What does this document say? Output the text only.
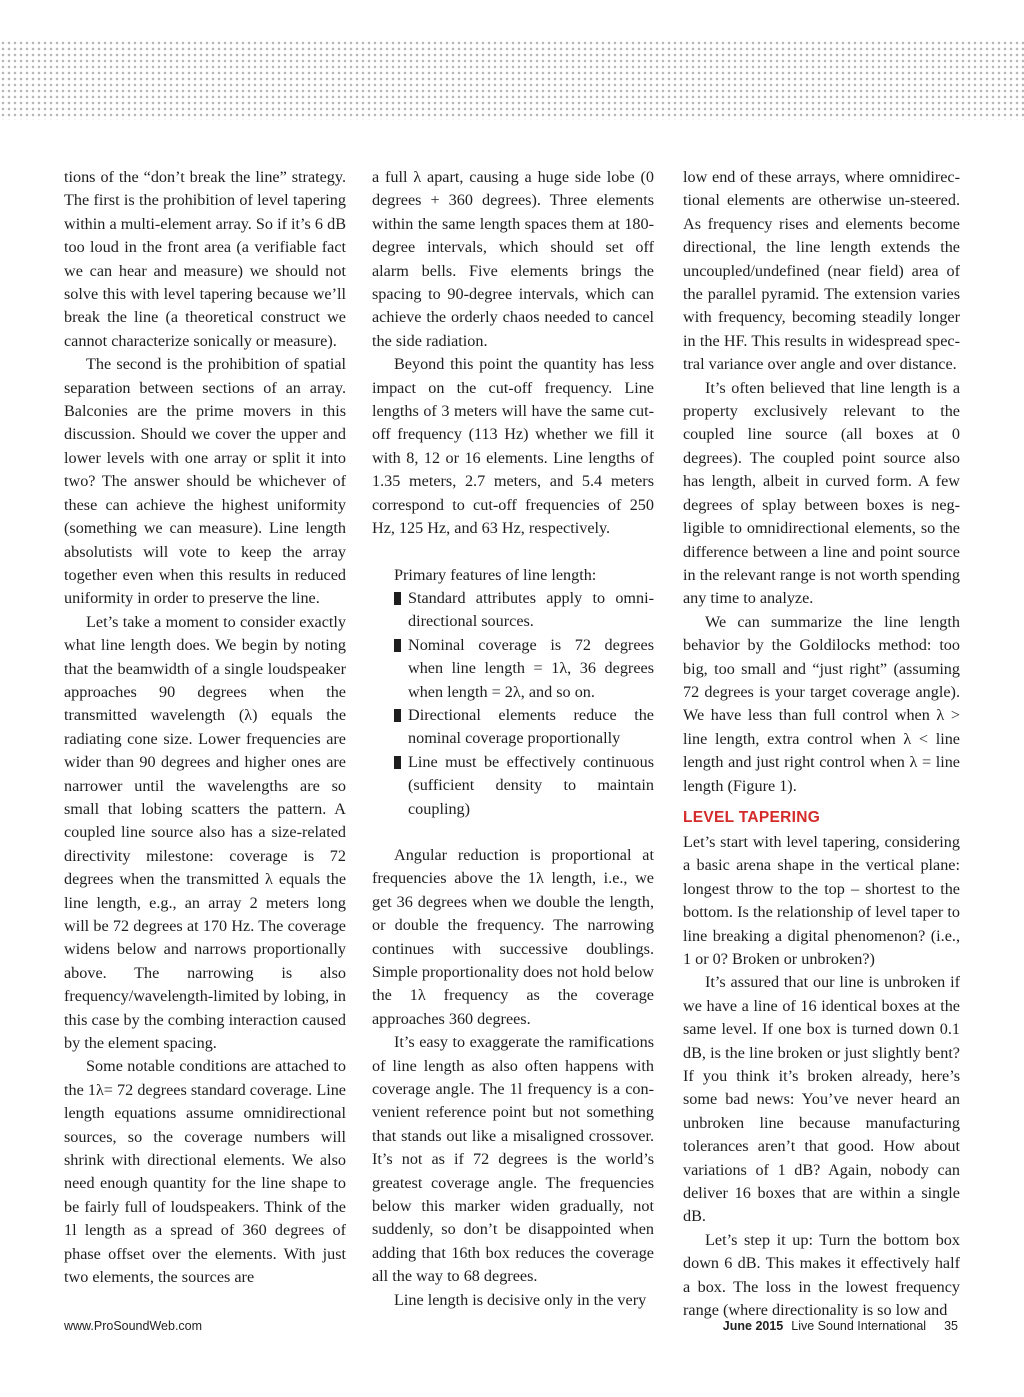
tions of the “don’t break the line” strategy. The first is the prohibition of level tapering within a multi-element array. So if it’s 6 dB too loud in the front area (a verifiable fact we can hear and measure) we should not solve this with level tapering because we’ll break the line (a theoretical construct we cannot characterize sonically or measure).

The second is the prohibition of spatial separation between sections of an array. Balconies are the prime movers in this discussion. Should we cover the upper and lower levels with one array or split it into two? The answer should be whichever of these can achieve the highest uniformity (something we can measure). Line length absolutists will vote to keep the array together even when this results in reduced uniformity in order to preserve the line.

Let’s take a moment to consider exactly what line length does. We begin by noting that the beamwidth of a single loudspeaker approaches 90 degrees when the transmitted wavelength (λ) equals the radiating cone size. Lower frequencies are wider than 90 degrees and higher ones are narrower until the wavelengths are so small that lobing scatters the pattern. A coupled line source also has a size-related directivity milestone: coverage is 72 degrees when the transmitted λ equals the line length, e.g., an array 2 meters long will be 72 degrees at 170 Hz. The coverage widens below and narrows proportionally above. The narrowing is also frequency/wavelength-limited by lobing, in this case by the combing interaction caused by the element spacing.

Some notable conditions are attached to the 1λ= 72 degrees standard coverage. Line length equations assume omnidirectional sources, so the coverage numbers will shrink with directional elements. We also need enough quantity for the line shape to be fairly full of loudspeakers. Think of the 1l length as a spread of 360 degrees of phase offset over the elements. With just two elements, the sources are

a full λ apart, causing a huge side lobe (0 degrees + 360 degrees). Three elements within the same length spaces them at 180-degree intervals, which should set off alarm bells. Five elements brings the spacing to 90-degree intervals, which can achieve the orderly chaos needed to cancel the side radiation.

Beyond this point the quantity has less impact on the cut-off frequency. Line lengths of 3 meters will have the same cut-off frequency (113 Hz) whether we fill it with 8, 12 or 16 elements. Line lengths of 1.35 meters, 2.7 meters, and 5.4 meters correspond to cut-off frequencies of 250 Hz, 125 Hz, and 63 Hz, respectively.

Primary features of line length:

Standard attributes apply to omnidirectional sources.
Nominal coverage is 72 degrees when line length = 1λ, 36 degrees when length = 2λ, and so on.
Directional elements reduce the nominal coverage proportionally
Line must be effectively continuous (sufficient density to maintain coupling)

Angular reduction is proportional at frequencies above the 1λ length, i.e., we get 36 degrees when we double the length, or double the frequency. The narrowing continues with successive doublings. Simple proportionality does not hold below the 1λ frequency as the coverage approaches 360 degrees.

It’s easy to exaggerate the ramifications of line length as also often happens with coverage angle. The 1l frequency is a convenient reference point but not something that stands out like a misaligned crossover. It’s not as if 72 degrees is the world’s greatest coverage angle. The frequencies below this marker widen gradually, not suddenly, so don’t be disappointed when adding that 16th box reduces the coverage all the way to 68 degrees.

Line length is decisive only in the very

low end of these arrays, where omnidirectional elements are otherwise un-steered. As frequency rises and elements become directional, the line length extends the uncoupled/undefined (near field) area of the parallel pyramid. The extension varies with frequency, becoming steadily longer in the HF. This results in widespread spectral variance over angle and over distance.

It’s often believed that line length is a property exclusively relevant to the coupled line source (all boxes at 0 degrees). The coupled point source also has length, albeit in curved form. A few degrees of splay between boxes is negligible to omnidirectional elements, so the difference between a line and point source in the relevant range is not worth spending any time to analyze.

We can summarize the line length behavior by the Goldilocks method: too big, too small and “just right” (assuming 72 degrees is your target coverage angle). We have less than full control when λ > line length, extra control when λ < line length and just right control when λ = line length (Figure 1).

LEVEL TAPERING

Let’s start with level tapering, considering a basic arena shape in the vertical plane: longest throw to the top – shortest to the bottom. Is the relationship of level taper to line breaking a digital phenomenon? (i.e., 1 or 0? Broken or unbroken?)

It’s assured that our line is unbroken if we have a line of 16 identical boxes at the same level. If one box is turned down 0.1 dB, is the line broken or just slightly bent? If you think it’s broken already, here’s some bad news: You’ve never heard an unbroken line because manufacturing tolerances aren’t that good. How about variations of 1 dB? Again, nobody can deliver 16 boxes that are within a single dB.

Let’s step it up: Turn the bottom box down 6 dB. This makes it effectively half a box. The loss in the lowest frequency range (where directionality is so low and

www.ProSoundWeb.com	June 2015 Live Sound International 35
